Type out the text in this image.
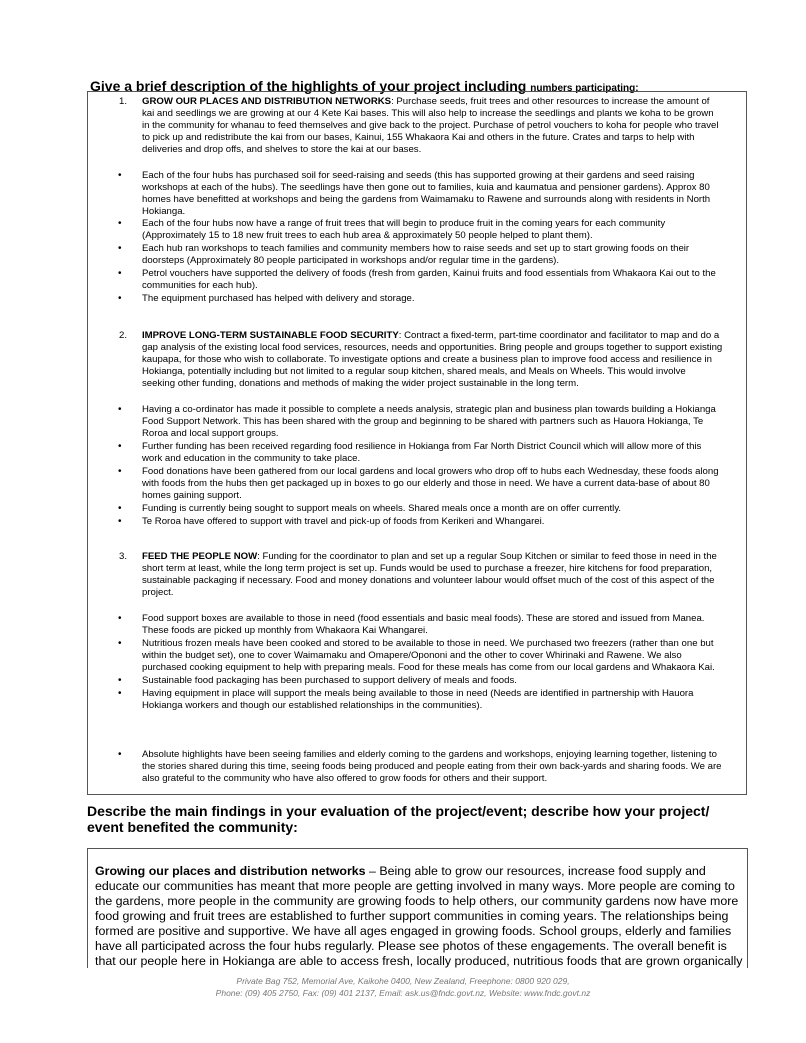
Give a brief description of the highlights of your project including numbers participating:
1. GROW OUR PLACES AND DISTRIBUTION NETWORKS: Purchase seeds, fruit trees and other resources to increase the amount of
kai and seedlings we are growing at our 4 Kete Kai bases. This will also help to increase the seedlings and plants we koha to be grown
in the community for whanau to feed themselves and give back to the project. Purchase of petrol vouchers to koha for people who travel
to pick up and redistribute the kai from our bases, Kainui, 155 Whakaora Kai and others in the future. Crates and tarps to help with
deliveries and drop offs, and shelves to store the kai at our bases.
• Each of the four hubs has purchased soil for seed-raising and seeds (this has supported growing at their gardens and seed raising
workshops at each of the hubs). The seedlings have then gone out to families, kuia and kaumatua and pensioner gardens). Approx 80
homes have benefitted at workshops and being the gardens from Waimamaku to Rawene and surrounds along with residents in North
Hokianga.
• Each of the four hubs now have a range of fruit trees that will begin to produce fruit in the coming years for each community
(Approximately 15 to 18 new fruit trees to each hub area & approximately 50 people helped to plant them).
• Each hub ran workshops to teach families and community members how to raise seeds and set up to start growing foods on their
doorsteps (Approximately 80 people participated in workshops and/or regular time in the gardens).
• Petrol vouchers have supported the delivery of foods (fresh from garden, Kainui fruits and food essentials from Whakaora Kai out to the
communities for each hub).
• The equipment purchased has helped with delivery and storage.
2. IMPROVE LONG-TERM SUSTAINABLE FOOD SECURITY: Contract a fixed-term, part-time coordinator and facilitator to map and do a
gap analysis of the existing local food services, resources, needs and opportunities. Bring people and groups together to support existing
kaupapa, for those who wish to collaborate. To investigate options and create a business plan to improve food access and resilience in
Hokianga, potentially including but not limited to a regular soup kitchen, shared meals, and Meals on Wheels. This would involve
seeking other funding, donations and methods of making the wider project sustainable in the long term.
• Having a co-ordinator has made it possible to complete a needs analysis, strategic plan and business plan towards building a Hokianga
Food Support Network. This has been shared with the group and beginning to be shared with partners such as Hauora Hokianga, Te
Roroa and local support groups.
• Further funding has been received regarding food resilience in Hokianga from Far North District Council which will allow more of this
work and education in the community to take place.
• Food donations have been gathered from our local gardens and local growers who drop off to hubs each Wednesday, these foods along
with foods from the hubs then get packaged up in boxes to go our elderly and those in need. We have a current data-base of about 80
homes gaining support.
• Funding is currently being sought to support meals on wheels. Shared meals once a month are on offer currently.
• Te Roroa have offered to support with travel and pick-up of foods from Kerikeri and Whangarei.
3. FEED THE PEOPLE NOW: Funding for the coordinator to plan and set up a regular Soup Kitchen or similar to feed those in need in the
short term at least, while the long term project is set up. Funds would be used to purchase a freezer, hire kitchens for food preparation,
sustainable packaging if necessary. Food and money donations and volunteer labour would offset much of the cost of this aspect of the
project.
• Food support boxes are available to those in need (food essentials and basic meal foods). These are stored and issued from Manea.
These foods are picked up monthly from Whakaora Kai Whangarei.
• Nutritious frozen meals have been cooked and stored to be available to those in need. We purchased two freezers (rather than one but
within the budget set), one to cover Waimamaku and Omapere/Opononi and the other to cover Whirinaki and Rawene. We also
purchased cooking equipment to help with preparing meals. Food for these meals has come from our local gardens and Whakaora Kai.
• Sustainable food packaging has been purchased to support delivery of meals and foods.
• Having equipment in place will support the meals being available to those in need (Needs are identified in partnership with Hauora
Hokianga workers and though our established relationships in the communities).
• Absolute highlights have been seeing families and elderly coming to the gardens and workshops, enjoying learning together, listening to
the stories shared during this time, seeing foods being produced and people eating from their own back-yards and sharing foods. We are
also grateful to the community who have also offered to grow foods for others and their support.
Describe the main findings in your evaluation of the project/event; describe how your project/
event benefited the community:
Growing our places and distribution networks – Being able to grow our resources, increase food supply and
educate our communities has meant that more people are getting involved in many ways. More people are coming to
the gardens, more people in the community are growing foods to help others, our community gardens now have more
food growing and fruit trees are established to further support communities in coming years. The relationships being
formed are positive and supportive. We have all ages engaged in growing foods. School groups, elderly and families
have all participated across the four hubs regularly. Please see photos of these engagements. The overall benefit is
that our people here in Hokianga are able to access fresh, locally produced, nutritious foods that are grown organically
Private Bag 752, Memorial Ave, Kaikohe 0400, New Zealand, Freephone: 0800 920 029,
Phone: (09) 405 2750, Fax: (09) 401 2137, Email: ask.us@fndc.govt.nz, Website: www.fndc.govt.nz
